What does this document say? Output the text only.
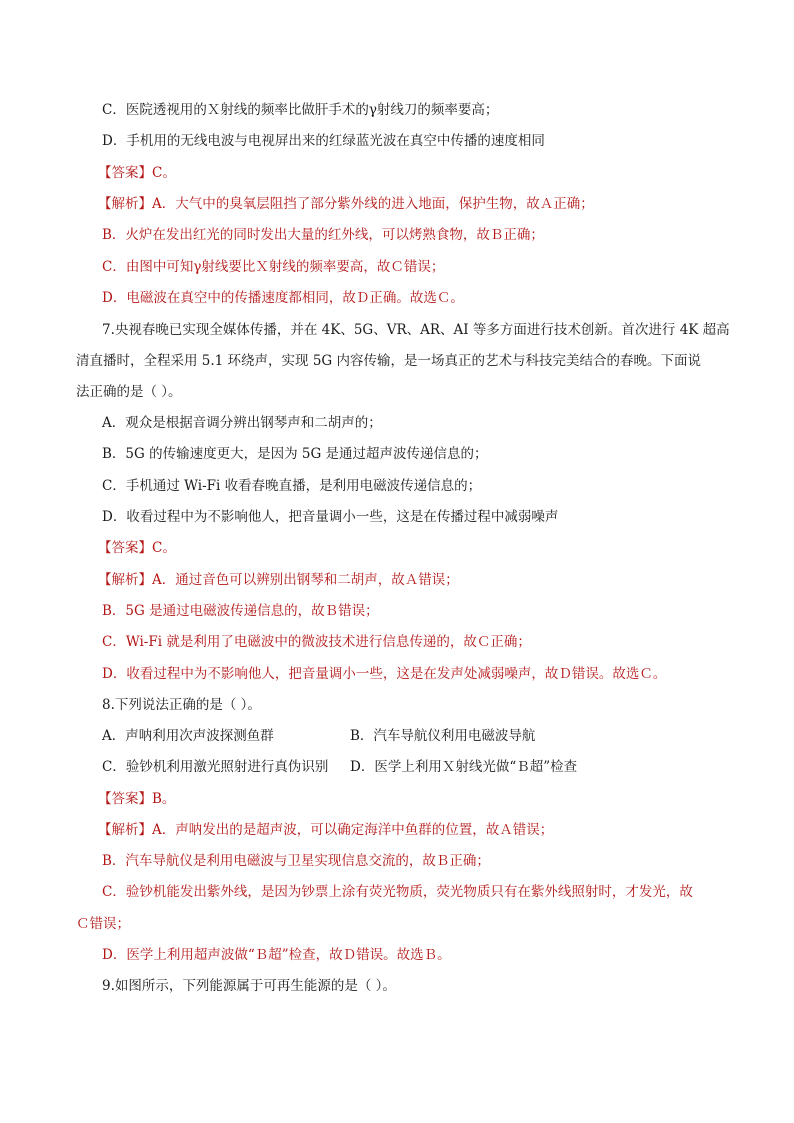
C．医院透视用的Ｘ射线的频率比做肝手术的γ射线刀的频率要高；
D．手机用的无线电波与电视屏出来的红绿蓝光波在真空中传播的速度相同
【答案】C。
【解析】A．大气中的臭氧层阻挡了部分紫外线的进入地面，保护生物，故Ａ正确；
B．火炉在发出红光的同时发出大量的红外线，可以烤熟食物，故Ｂ正确；
C．由图中可知γ射线要比Ｘ射线的频率要高，故Ｃ错误；
D．电磁波在真空中的传播速度都相同，故Ｄ正确。故选Ｃ。
7.央视春晚已实现全媒体传播，并在 4K、5G、VR、AR、AI 等多方面进行技术创新。首次进行 4K 超高
清直播时，全程采用 5.1 环绕声，实现 5G 内容传输，是一场真正的艺术与科技完美结合的春晚。下面说
法正确的是（ ）。
A．观众是根据音调分辨出钢琴声和二胡声的；
B．5G 的传输速度更大，是因为 5G 是通过超声波传递信息的；
C．手机通过 Wi-Fi 收看春晚直播，是利用电磁波传递信息的；
D．收看过程中为不影响他人，把音量调小一些，这是在传播过程中减弱噪声
【答案】C。
【解析】A．通过音色可以辨别出钢琴和二胡声，故Ａ错误；
B．5G 是通过电磁波传递信息的，故Ｂ错误；
C．Wi-Fi 就是利用了电磁波中的微波技术进行信息传递的，故Ｃ正确；
D．收看过程中为不影响他人，把音量调小一些，这是在发声处减弱噪声，故Ｄ错误。故选Ｃ。
8.下列说法正确的是（ ）。
A．声呐利用次声波探测鱼群	B．汽车导航仪利用电磁波导航
C．验钞机利用激光照射进行真伪识别 D．医学上利用Ｘ射线光做“Ｂ超”检查
【答案】B。
【解析】A．声呐发出的是超声波，可以确定海洋中鱼群的位置，故Ａ错误；
B．汽车导航仪是利用电磁波与卫星实现信息交流的，故Ｂ正确；
C．验钞机能发出紫外线，是因为钞票上涂有荧光物质，荧光物质只有在紫外线照射时，才发光，故
Ｃ错误；
D．医学上利用超声波做“Ｂ超”检查，故Ｄ错误。故选Ｂ。
9.如图所示，下列能源属于可再生能源的是（ ）。
